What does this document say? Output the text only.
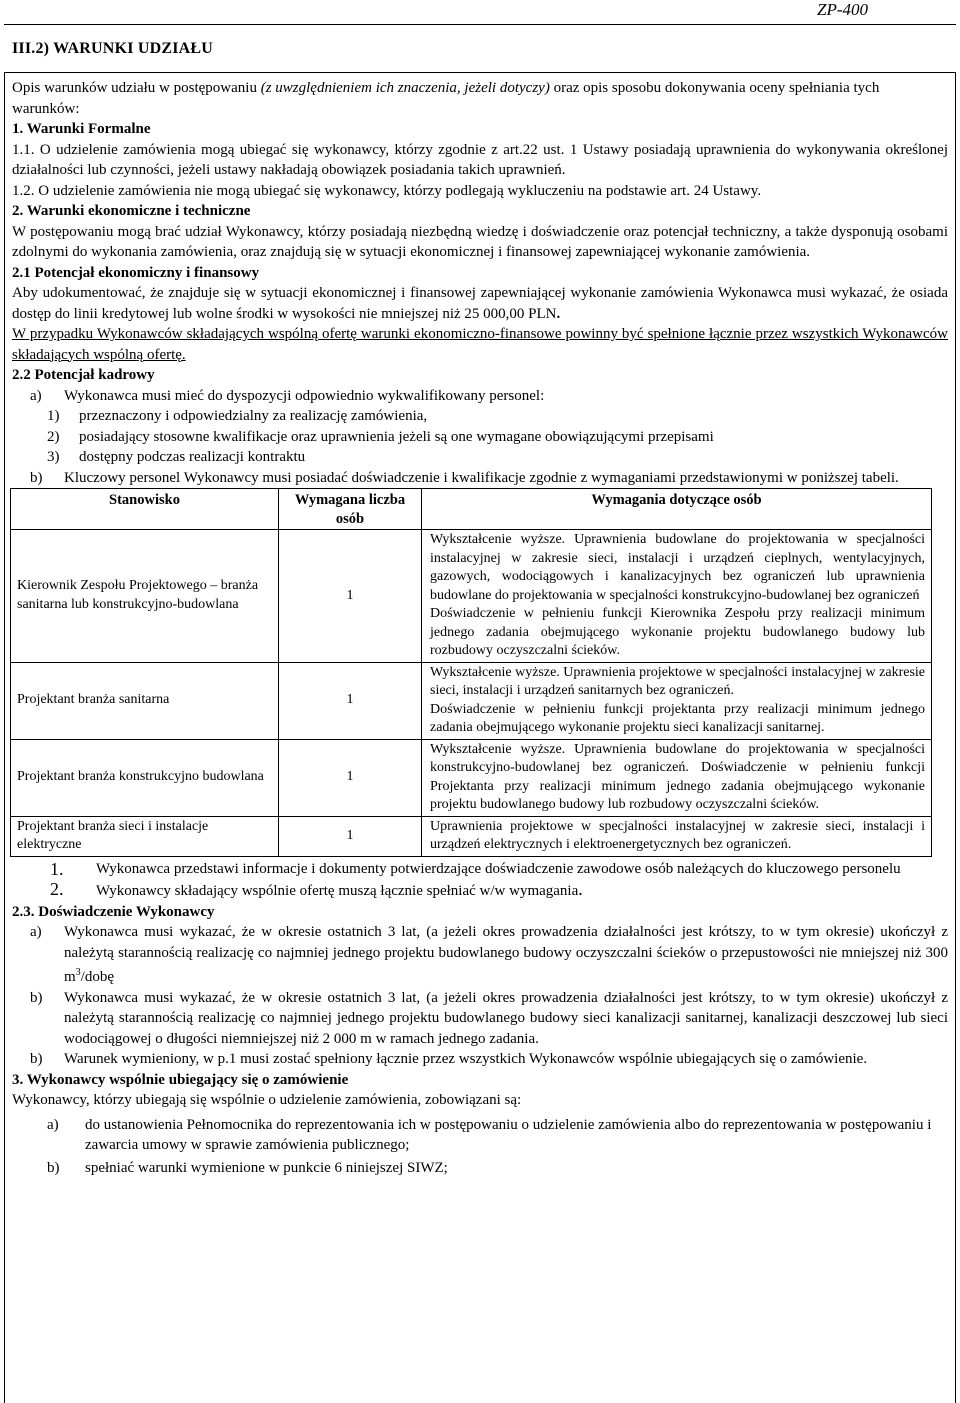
ZP-400
III.2) WARUNKI UDZIAŁU

Opis warunków udziału w postępowaniu (z uwzględnieniem ich znaczenia, jeżeli dotyczy) oraz opis sposobu dokonywania oceny spełniania tych warunków:

1. Warunki Formalne

1.1. O udzielenie zamówienia mogą ubiegać się wykonawcy, którzy zgodnie z art.22 ust. 1 Ustawy posiadają uprawnienia do wykonywania określonej działalności lub czynności, jeżeli ustawy nakładają obowiązek posiadania takich uprawnień.

1.2. O udzielenie zamówienia nie mogą ubiegać się wykonawcy, którzy podlegają wykluczeniu na podstawie art. 24 Ustawy.

2. Warunki ekonomiczne i techniczne

W postępowaniu mogą brać udział Wykonawcy, którzy posiadają niezbędną wiedzę i doświadczenie oraz potencjał techniczny, a także dysponują osobami zdolnymi do wykonania zamówienia, oraz znajdują się w sytuacji ekonomicznej i finansowej zapewniającej wykonanie zamówienia.

2.1 Potencjał ekonomiczny i finansowy

Aby udokumentować, że znajduje się w sytuacji ekonomicznej i finansowej zapewniającej wykonanie zamówienia Wykonawca musi wykazać, że osiada dostęp do linii kredytowej lub wolne środki w wysokości nie mniejszej niż 25 000,00 PLN.

W przypadku Wykonawców składających wspólną ofertę warunki ekonomiczno-finansowe powinny być spełnione łącznie przez wszystkich Wykonawców składających wspólną ofertę.

2.2 Potencjał kadrowy

a)	Wykonawca musi mieć do dyspozycji odpowiednio wykwalifikowany personel:
1)	przeznaczony i odpowiedzialny za realizację zamówienia,
2)	posiadający stosowne kwalifikacje oraz uprawnienia jeżeli są one wymagane obowiązującymi przepisami
3)	dostępny podczas realizacji kontraktu
b)	Kluczowy personel Wykonawcy musi posiadać doświadczenie i kwalifikacje zgodnie z wymaganiami przedstawionymi w poniższej tabeli.
Stanowisko	Wymagana liczba osób	Wymagania dotyczące osób
Kierownik Zespołu Projektowego – branża sanitarna lub konstrukcyjno-budowlana	1	Wykształcenie wyższe. Uprawnienia budowlane do projektowania w specjalności instalacyjnej w zakresie sieci, instalacji i urządzeń cieplnych, wentylacyjnych, gazowych, wodociągowych i kanalizacyjnych bez ograniczeń lub uprawnienia budowlane do projektowania w specjalności konstrukcyjno-budowlanej bez ograniczeń
Doświadczenie w pełnieniu funkcji Kierownika Zespołu przy realizacji minimum jednego zadania obejmującego wykonanie projektu budowlanego budowy lub rozbudowy oczyszczalni ścieków.
Projektant branża sanitarna	1	Wykształcenie wyższe. Uprawnienia projektowe w specjalności instalacyjnej w zakresie sieci, instalacji i urządzeń sanitarnych bez ograniczeń.
Doświadczenie w pełnieniu funkcji projektanta przy realizacji minimum jednego zadania obejmującego wykonanie projektu sieci kanalizacji sanitarnej.
Projektant branża konstrukcyjno budowlana	1	Wykształcenie wyższe. Uprawnienia budowlane do projektowania w specjalności konstrukcyjno-budowlanej bez ograniczeń. Doświadczenie w pełnieniu funkcji Projektanta przy realizacji minimum jednego zadania obejmującego wykonanie projektu budowlanego budowy lub rozbudowy oczyszczalni ścieków.
Projektant branża sieci i instalacje elektryczne	1	Uprawnienia projektowe w specjalności instalacyjnej w zakresie sieci, instalacji i urządzeń elektrycznych i elektroenergetycznych bez ograniczeń.
1.	Wykonawca przedstawi informacje i dokumenty potwierdzające doświadczenie zawodowe osób należących do kluczowego personelu
2.	Wykonawcy składający wspólnie ofertę muszą łącznie spełniać w/w wymagania.

2.3. Doświadczenie Wykonawcy

a)	Wykonawca musi wykazać, że w okresie ostatnich 3 lat, (a jeżeli okres prowadzenia działalności jest krótszy, to w tym okresie) ukończył z należytą starannością realizację co najmniej jednego projektu budowlanego budowy oczyszczalni ścieków o przepustowości nie mniejszej niż 300 $m^3$/dobę
b)	Wykonawca musi wykazać, że w okresie ostatnich 3 lat, (a jeżeli okres prowadzenia działalności jest krótszy, to w tym okresie) ukończył z należytą starannością realizację co najmniej jednego projektu budowlanego budowy sieci kanalizacji sanitarnej, kanalizacji deszczowej lub sieci wodociągowej o długości niemniejszej niż 2 000 m w ramach jednego zadania.
b)	Warunek wymieniony, w p.1 musi zostać spełniony łącznie przez wszystkich Wykonawców wspólnie ubiegających się o zamówienie.

3. Wykonawcy wspólnie ubiegający się o zamówienie

Wykonawcy, którzy ubiegają się wspólnie o udzielenie zamówienia, zobowiązani są:

a)	do ustanowienia Pełnomocnika do reprezentowania ich w postępowaniu o udzielenie zamówienia albo do reprezentowania w postępowaniu i zawarcia umowy w sprawie zamówienia publicznego;
b)	spełniać warunki wymienione w punkcie 6 niniejszej SIWZ;
